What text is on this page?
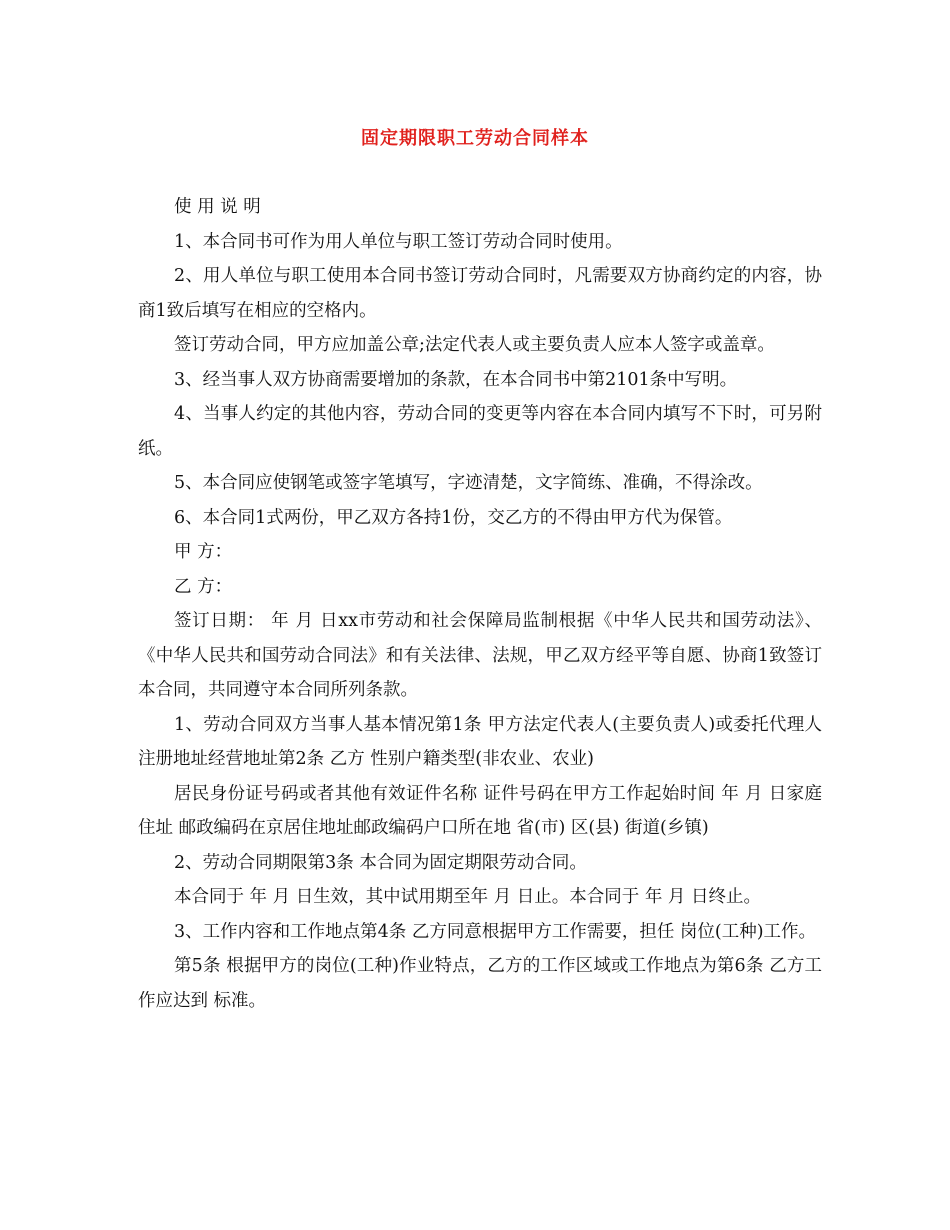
固定期限职工劳动合同样本

使 用 说 明

1、本合同书可作为用人单位与职工签订劳动合同时使用。

2、用人单位与职工使用本合同书签订劳动合同时，凡需要双方协商约定的内容，协商1致后填写在相应的空格内。

签订劳动合同，甲方应加盖公章;法定代表人或主要负责人应本人签字或盖章。

3、经当事人双方协商需要增加的条款，在本合同书中第2101条中写明。

4、当事人约定的其他内容，劳动合同的变更等内容在本合同内填写不下时，可另附纸。

5、本合同应使钢笔或签字笔填写，字迹清楚，文字简练、准确，不得涂改。

6、本合同1式两份，甲乙双方各持1份，交乙方的不得由甲方代为保管。

甲 方：

乙 方：

签订日期： 年 月 日xx市劳动和社会保障局监制根据《中华人民共和国劳动法》、《中华人民共和国劳动合同法》和有关法律、法规，甲乙双方经平等自愿、协商1致签订本合同，共同遵守本合同所列条款。

1、劳动合同双方当事人基本情况第1条 甲方法定代表人(主要负责人)或委托代理人注册地址经营地址第2条 乙方 性别户籍类型(非农业、农业)

居民身份证号码或者其他有效证件名称 证件号码在甲方工作起始时间 年 月 日家庭住址 邮政编码在京居住地址邮政编码户口所在地 省(市) 区(县) 街道(乡镇)

2、劳动合同期限第3条 本合同为固定期限劳动合同。

本合同于 年 月 日生效，其中试用期至年 月 日止。本合同于 年 月 日终止。

3、工作内容和工作地点第4条 乙方同意根据甲方工作需要，担任 岗位(工种)工作。

第5条 根据甲方的岗位(工种)作业特点，乙方的工作区域或工作地点为第6条 乙方工作应达到 标准。
